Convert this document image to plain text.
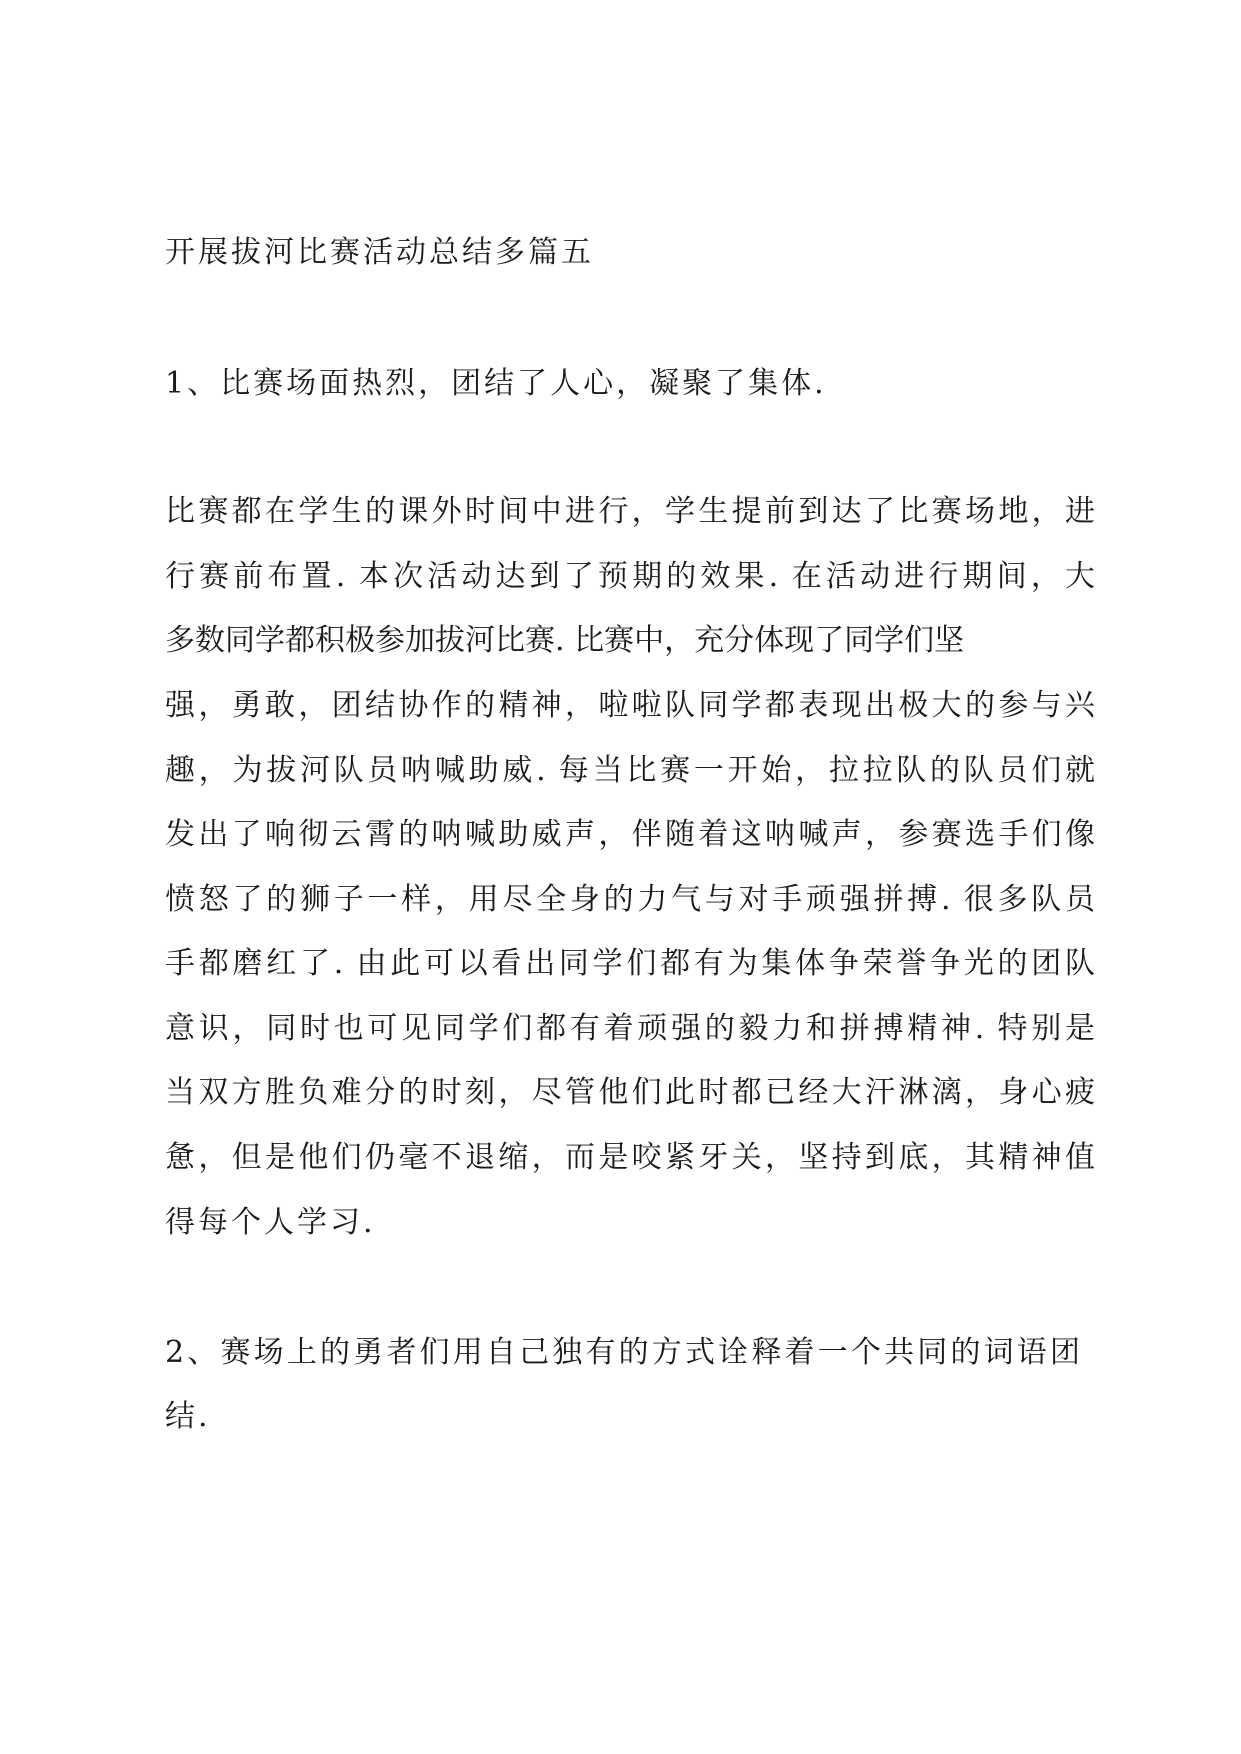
开展拔河比赛活动总结多篇五
1、比赛场面热烈，团结了人心，凝聚了集体.
比赛都在学生的课外时间中进行，学生提前到达了比赛场地，进
行赛前布置. 本次活动达到了预期的效果. 在活动进行期间，大
多数同学都积极参加拔河比赛. 比赛中，充分体现了同学们坚
强，勇敢，团结协作的精神，啦啦队同学都表现出极大的参与兴
趣，为拔河队员呐喊助威. 每当比赛一开始，拉拉队的队员们就
发出了响彻云霄的呐喊助威声，伴随着这呐喊声，参赛选手们像
愤怒了的狮子一样，用尽全身的力气与对手顽强拼搏. 很多队员
手都磨红了. 由此可以看出同学们都有为集体争荣誉争光的团队
意识，同时也可见同学们都有着顽强的毅力和拼搏精神. 特别是
当双方胜负难分的时刻，尽管他们此时都已经大汗淋漓，身心疲
惫，但是他们仍毫不退缩，而是咬紧牙关，坚持到底，其精神值
得每个人学习.
2、赛场上的勇者们用自己独有的方式诠释着一个共同的词语团
结.
